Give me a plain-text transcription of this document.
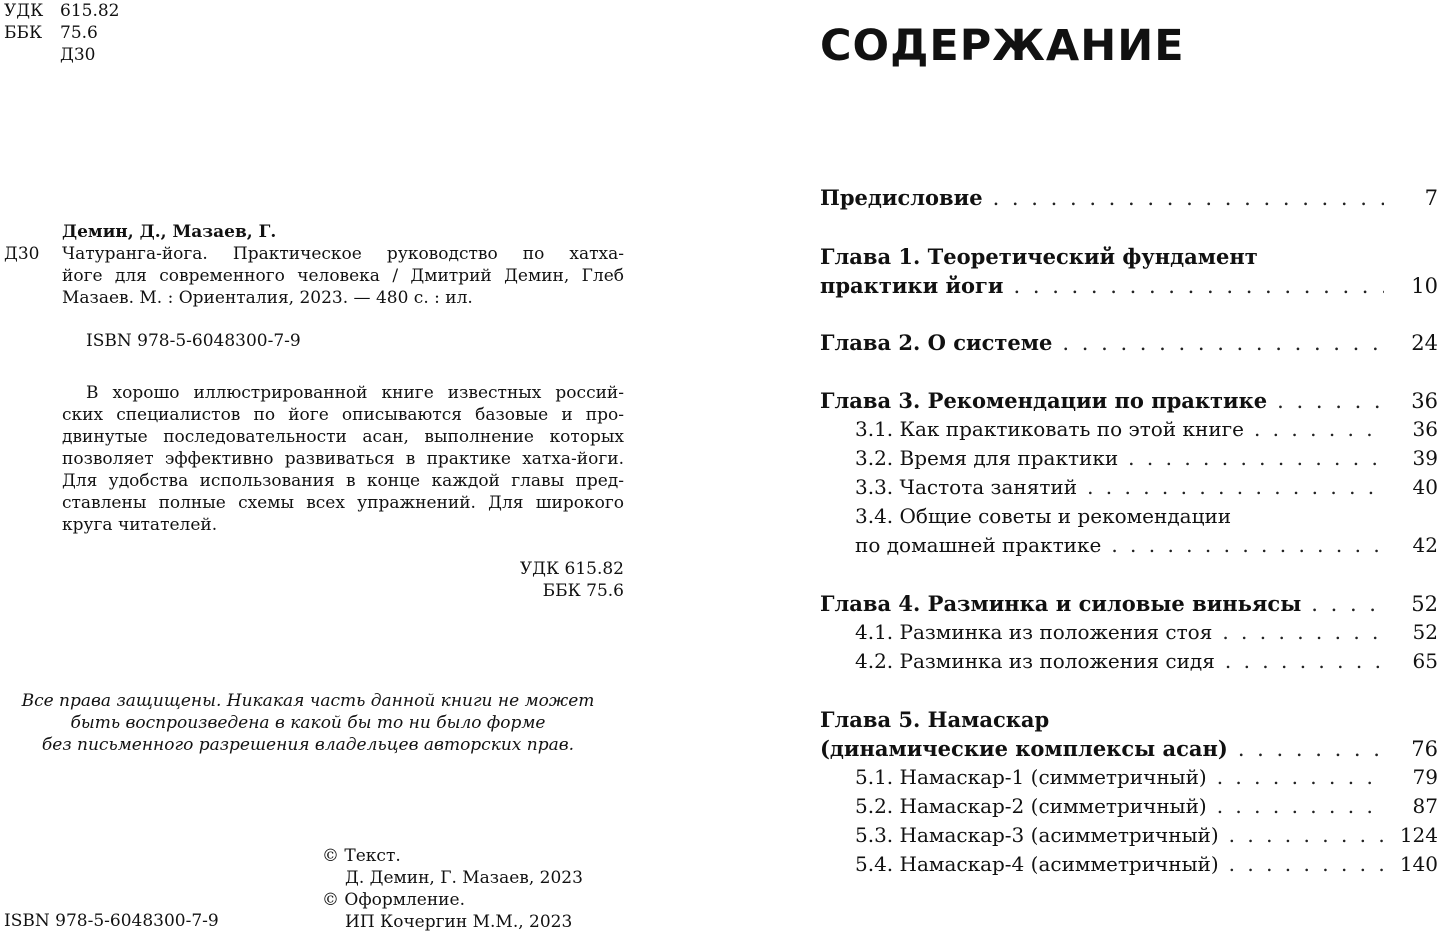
УДК 615.82
ББК	75.6
Д30
Демин, Д., Мазаев, Г.
Д30 Чатуранга-йога. Практическое руководство по хатха-
йоге для современного человека / Дмитрий Демин, Глеб
Мазаев. М. : Ориенталия, 2023. — 480 с. : ил.
ISBN 978-5-6048300-7-9
В хорошо иллюстрированной книге известных россий-
ских специалистов по йоге описываются базовые и про-
двинутые последовательности асан, выполнение которых
позволяет эффективно развиваться в практике хатха-йоги.
Для удобства использования в конце каждой главы пред-
ставлены полные схемы всех упражнений. Для широкого
круга читателей.
УДК 615.82
ББК 75.6
Все права защищены. Никакая часть данной книги не может
быть воспроизведена в какой бы то ни было форме
без письменного разрешения владельцев авторских прав.
© Текст.
Д. Демин, Г. Мазаев, 2023
© Оформление.
ИП Кочергин М.М., 2023
ISBN 978-5-6048300-7-9
СОДЕРЖАНИЕ
Предисловие . . .	7
Глава 1. Теоретический фундамент
практики йоги . . .	10
Глава 2. О системе . . .	24
Глава 3. Рекомендации по практике . . .	36
3.1. Как практиковать по этой книге . . .	36
3.2. Время для практики . . .	39
3.3. Частота занятий . . .	40
3.4. Общие советы и рекомендации
по домашней практике . . .	42
Глава 4. Разминка и силовые виньясы . . .	52
4.1. Разминка из положения стоя . . .	52
4.2. Разминка из положения сидя . . .	65
Глава 5. Намаскар
(динамические комплексы асан) . . .	76
5.1. Намаскар-1 (симметричный) . . .	79
5.2. Намаскар-2 (симметричный) . . .	87
5.3. Намаскар-3 (асимметричный) . . .	124
5.4. Намаскар-4 (асимметричный) . . .	140
